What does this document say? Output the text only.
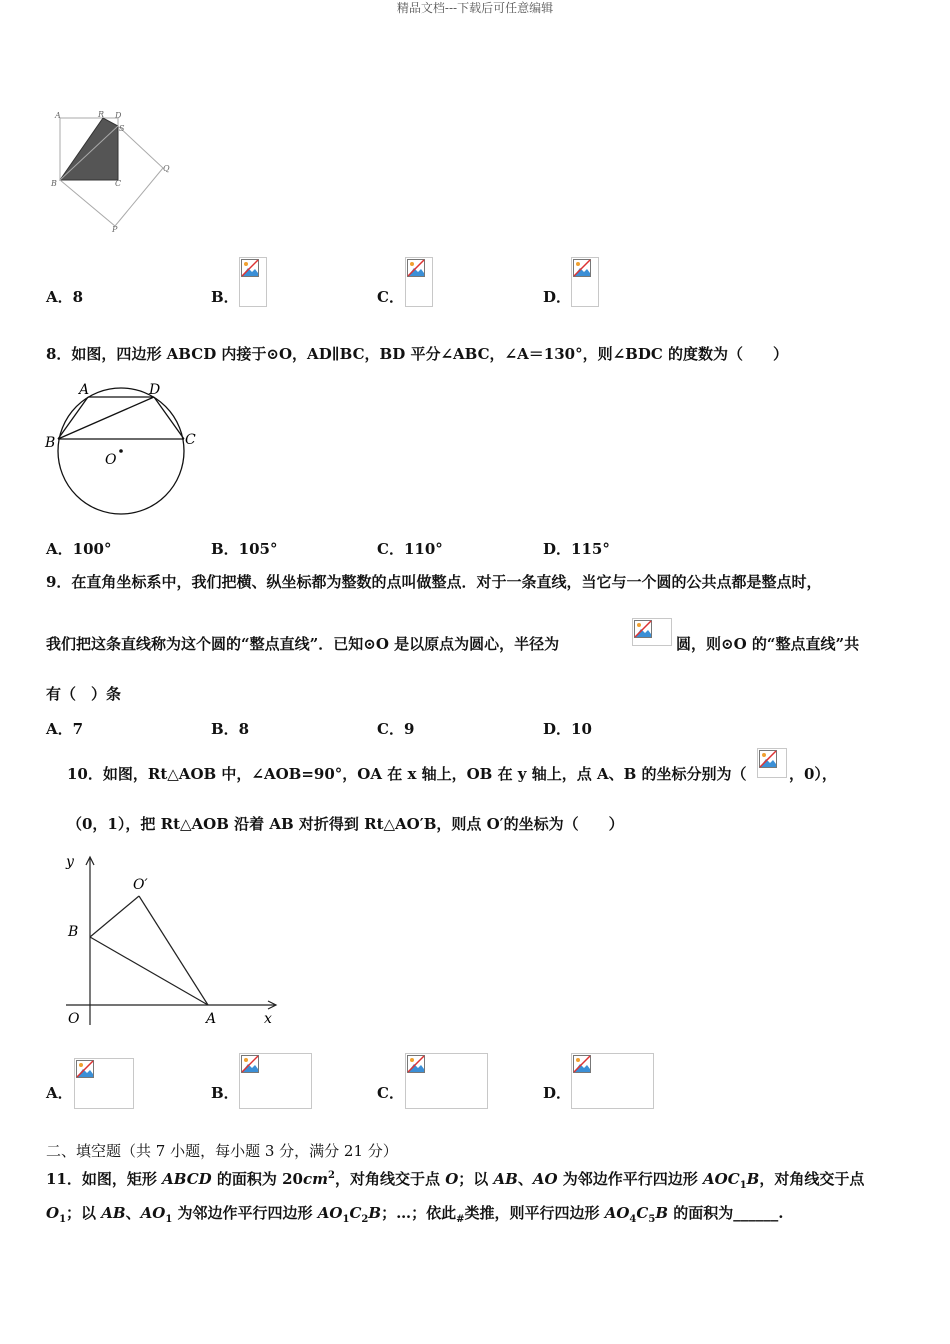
精品文档---下载后可任意编辑
A	R D
S
Q
B	C
P
A．8	B．	C．	D．
8．如图，四边形 ABCD 内接于⊙O，AD∥BC，BD 平分∠ABC，∠A＝130°，则∠BDC 的度数为（　　）
A	D
B	C
O
A．100°	B．105°	C．110°	D．115°
9．在直角坐标系中，我们把横、纵坐标都为整数的点叫做整点．对于一条直线，当它与一个圆的公共点都是整点时，
我们把这条直线称为这个圆的“整点直线”．已知⊙O 是以原点为圆心，半径为	圆，则⊙O 的“整点直线”共
有（　）条
A．7	B．8	C．9	D．10
10．如图，Rt△AOB 中，∠AOB=90°，OA 在 x 轴上，OB 在 y 轴上，点 A、B 的坐标分别为（	，0），
（0，1），把 Rt△AOB 沿着 AB 对折得到 Rt△AO′B，则点 O′的坐标为（　　）
y
O′
B
O	A	x
A．	B．	C．	D．
二、填空题（共 7 小题，每小题 3 分，满分 21 分）
11．如图，矩形 ABCD 的面积为 $20cm^2$，对角线交于点 O；以 AB、AO 为邻边作平行四边形 $AOC_1B$，对角线交于点
$O_1$；以 AB、$AO_1$ 为邻边作平行四边形 $AO_1C_2B$；…；依此$_{\#}$类推，则平行四边形 $AO_4C_5B$ 的面积为______.
